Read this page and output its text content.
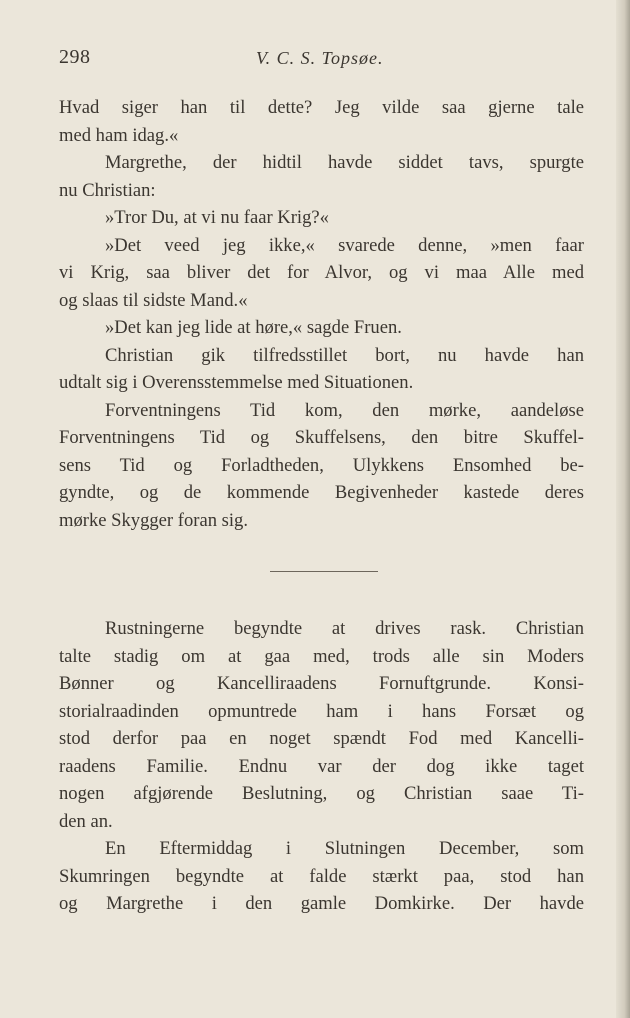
298	V. C. S. Topsøe.
Hvad siger han til dette? Jeg vilde saa gjerne tale
med ham idag.«
Margrethe, der hidtil havde siddet tavs, spurgte
nu Christian:
»Tror Du, at vi nu faar Krig?«
»Det veed jeg ikke,« svarede denne, »men faar
vi Krig, saa bliver det for Alvor, og vi maa Alle med
og slaas til sidste Mand.«
»Det kan jeg lide at høre,« sagde Fruen.
Christian gik tilfredsstillet bort, nu havde han
udtalt sig i Overensstemmelse med Situationen.
Forventningens Tid kom, den mørke, aandeløse
Forventningens Tid og Skuffelsens, den bitre Skuffel-
sens Tid og Forladtheden, Ulykkens Ensomhed be-
gyndte, og de kommende Begivenheder kastede deres
mørke Skygger foran sig.
Rustningerne begyndte at drives rask. Christian
talte stadig om at gaa med, trods alle sin Moders
Bønner og Kancelliraadens Fornuftgrunde. Konsi-
storialraadinden opmuntrede ham i hans Forsæt og
stod derfor paa en noget spændt Fod med Kancelli-
raadens Familie. Endnu var der dog ikke taget
nogen afgjørende Beslutning, og Christian saae Ti-
den an.
En Eftermiddag i Slutningen December, som
Skumringen begyndte at falde stærkt paa, stod han
og Margrethe i den gamle Domkirke. Der havde
